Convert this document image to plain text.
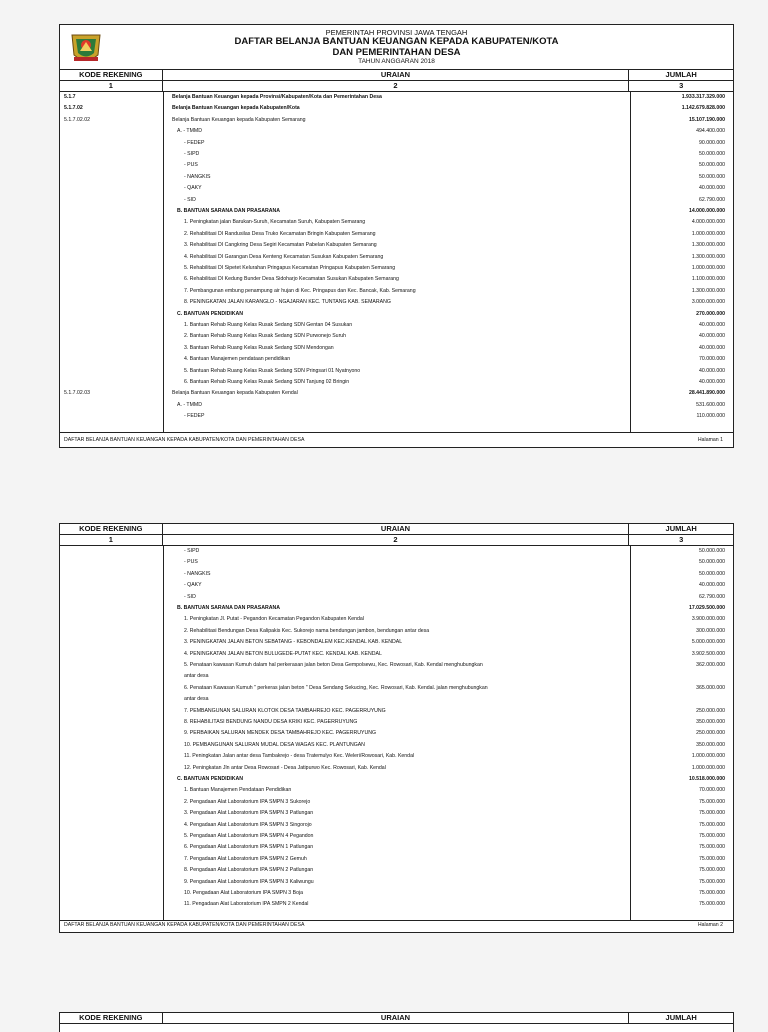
PEMERINTAH PROVINSI JAWA TENGAH
DAFTAR BELANJA BANTUAN KEUANGAN KEPADA KABUPATEN/KOTA
DAN PEMERINTAHAN DESA
TAHUN ANGGARAN 2018
KODE REKENING	URAIAN	JUMLAH
1	2	3
5.1.7	Belanja Bantuan Keuangan kepada Provinsi/Kabupaten/Kota dan Pemerintahan Desa	1.933.317.329.000
5.1.7.02	Belanja Bantuan Keuangan kepada Kabupaten/Kota	1.142.679.828.000
5.1.7.02.02	Belanja Bantuan Keuangan kepada Kabupaten Semarang	15.107.190.000
A. - TMMD	494.400.000
- FEDEP	90.000.000
- SIPD	50.000.000
- PUS	50.000.000
- NANGKIS	50.000.000
- QAKY	40.000.000
- SID	62.790.000
B. BANTUAN SARANA DAN PRASARANA	14.000.000.000
1. Peningkatan jalan Barukan-Suruh, Kecamatan Suruh, Kabupaten Semarang	4.000.000.000
2. Rehabilitasi DI Randusilas Desa Truko Kecamatan Bringin Kabupaten Semarang	1.000.000.000
3. Rehabilitasi DI Cangkring Desa Segiri Kecamatan Pabelan Kabupaten Semarang	1.300.000.000
4. Rehabilitasi DI Garangan Desa Kenteng Kecamatan Susukan Kabupaten Semarang	1.300.000.000
5. Rehabilitasi DI Sipetet Kelurahan Pringapus Kecamatan Pringapus Kabupaten Semarang	1.000.000.000
6. Rehabilitasi DI Kedung Bunder Desa Sidoharjo Kecamatan Susukan Kabupaten Semarang	1.100.000.000
7. Pembangunan embung penampung air hujan di Kec. Pringapus dan Kec. Bancak, Kab. Semarang	1.300.000.000
8. PENINGKATAN JALAN KARANGLO - NGAJARAN KEC. TUNTANG KAB. SEMARANG	3.000.000.000
C. BANTUAN PENDIDIKAN	270.000.000
1. Bantuan Rehab Ruang Kelas Rusak Sedang SDN Gentan 04 Susukan	40.000.000
2. Bantuan Rehab Ruang Kelas Rusak Sedang SDN Purwonejo Suruh	40.000.000
3. Bantuan Rehab Ruang Kelas Rusak Sedang SDN Mendongan	40.000.000
4. Bantuan Manajemen pendataan pendidikan	70.000.000
5. Bantuan Rehab Ruang Kelas Rusak Sedang SDN Pringsari 01 Nyatnyono	40.000.000
6. Bantuan Rehab Ruang Kelas Rusak Sedang SDN Tanjung 02 Bringin	40.000.000
5.1.7.02.03	Belanja Bantuan Keuangan kepada Kabupaten Kendal	28.441.890.000
A. - TMMD	531.600.000
- FEDEP	110.000.000
DAFTAR BELANJA BANTUAN KEUANGAN KEPADA KABUPATEN/KOTA DAN PEMERINTAHAN DESA	Halaman 1
KODE REKENING	URAIAN	JUMLAH
1	2	3
- SIPD	50.000.000
- PUS	50.000.000
- NANGKIS	50.000.000
- QAKY	40.000.000
- SID	62.790.000
B. BANTUAN SARANA DAN PRASARANA	17.029.500.000
1. Peningkatan Jl. Putat - Pegandon Kecamatan Pegandon Kabupaten Kendal	3.900.000.000
2. Rehabilitasi Bendungan Desa Kalipakis Kec. Sukorejo nama bendungan jambon, bendungan antar desa	300.000.000
3. PENINGKATAN JALAN BETON SEBATANG - KEBONDALEM KEC.KENDAL KAB. KENDAL	5.000.000.000
4. PENINGKATAN JALAN BETON BULUGEDE-PUTAT KEC. KENDAL KAB. KENDAL	3.902.500.000
5. Penataan kawasan Kumuh dalam hal perkerasan jalan beton Desa Gempolsewu, Kec. Rowosari, Kab. Kendal menghubungkan	362.000.000
antar desa
6. Penataan Kawasan Kumuh " perkeras jalan beton " Desa Sendang Sekucing, Kec. Rowosari, Kab. Kendal. jalan menghubungkan	365.000.000
antar desa
7. PEMBANGUNAN SALURAN KLOTOK DESA TAMBAHREJO KEC. PAGERRUYUNG	250.000.000
8. REHABILITASI BENDUNG NANDU DESA KRIKI KEC. PAGERRUYUNG	350.000.000
9. PERBAIKAN SALURAN MENDEK DESA TAMBAHREJO KEC. PAGERRUYUNG	250.000.000
10. PEMBANGUNAN SALURAN MUDAL DESA WAGAS KEC. PLANTUNGAN	350.000.000
11. Peningkatan Jalan antar desa Tambakrejo - desa Tratemulyo Kec. Weleri/Rowosari, Kab. Kendal	1.000.000.000
12. Peningkatan Jln antar Desa Rowosari - Desa Jatipurwo Kec. Rowosari, Kab. Kendal	1.000.000.000
C. BANTUAN PENDIDIKAN	10.518.000.000
1. Bantuan Manajemen Pendataan Pendidikan	70.000.000
2. Pengadaan Alat Laboratorium IPA SMPN 3 Sukorejo	75.000.000
3. Pengadaan Alat Laboratorium IPA SMPN 3 Patlungan	75.000.000
4. Pengadaan Alat Laboratorium IPA SMPN 3 Singorojo	75.000.000
5. Pengadaan Alat Laboratorium IPA SMPN 4 Pegandon	75.000.000
6. Pengadaan Alat Laboratorium IPA SMPN 1 Patlungan	75.000.000
7. Pengadaan Alat Laboratorium IPA SMPN 2 Gemuh	75.000.000
8. Pengadaan Alat Laboratorium IPA SMPN 2 Patlungan	75.000.000
9. Pengadaan Alat Laboratorium IPA SMPN 3 Kaliwungu	75.000.000
10. Pengadaan Alat Laboratorium IPA SMPN 3 Boja	75.000.000
11. Pengadaan Alat Laboratorium IPA SMPN 2 Kendal	75.000.000
DAFTAR BELANJA BANTUAN KEUANGAN KEPADA KABUPATEN/KOTA DAN PEMERINTAHAN DESA	Halaman 2
KODE REKENING	URAIAN	JUMLAH
